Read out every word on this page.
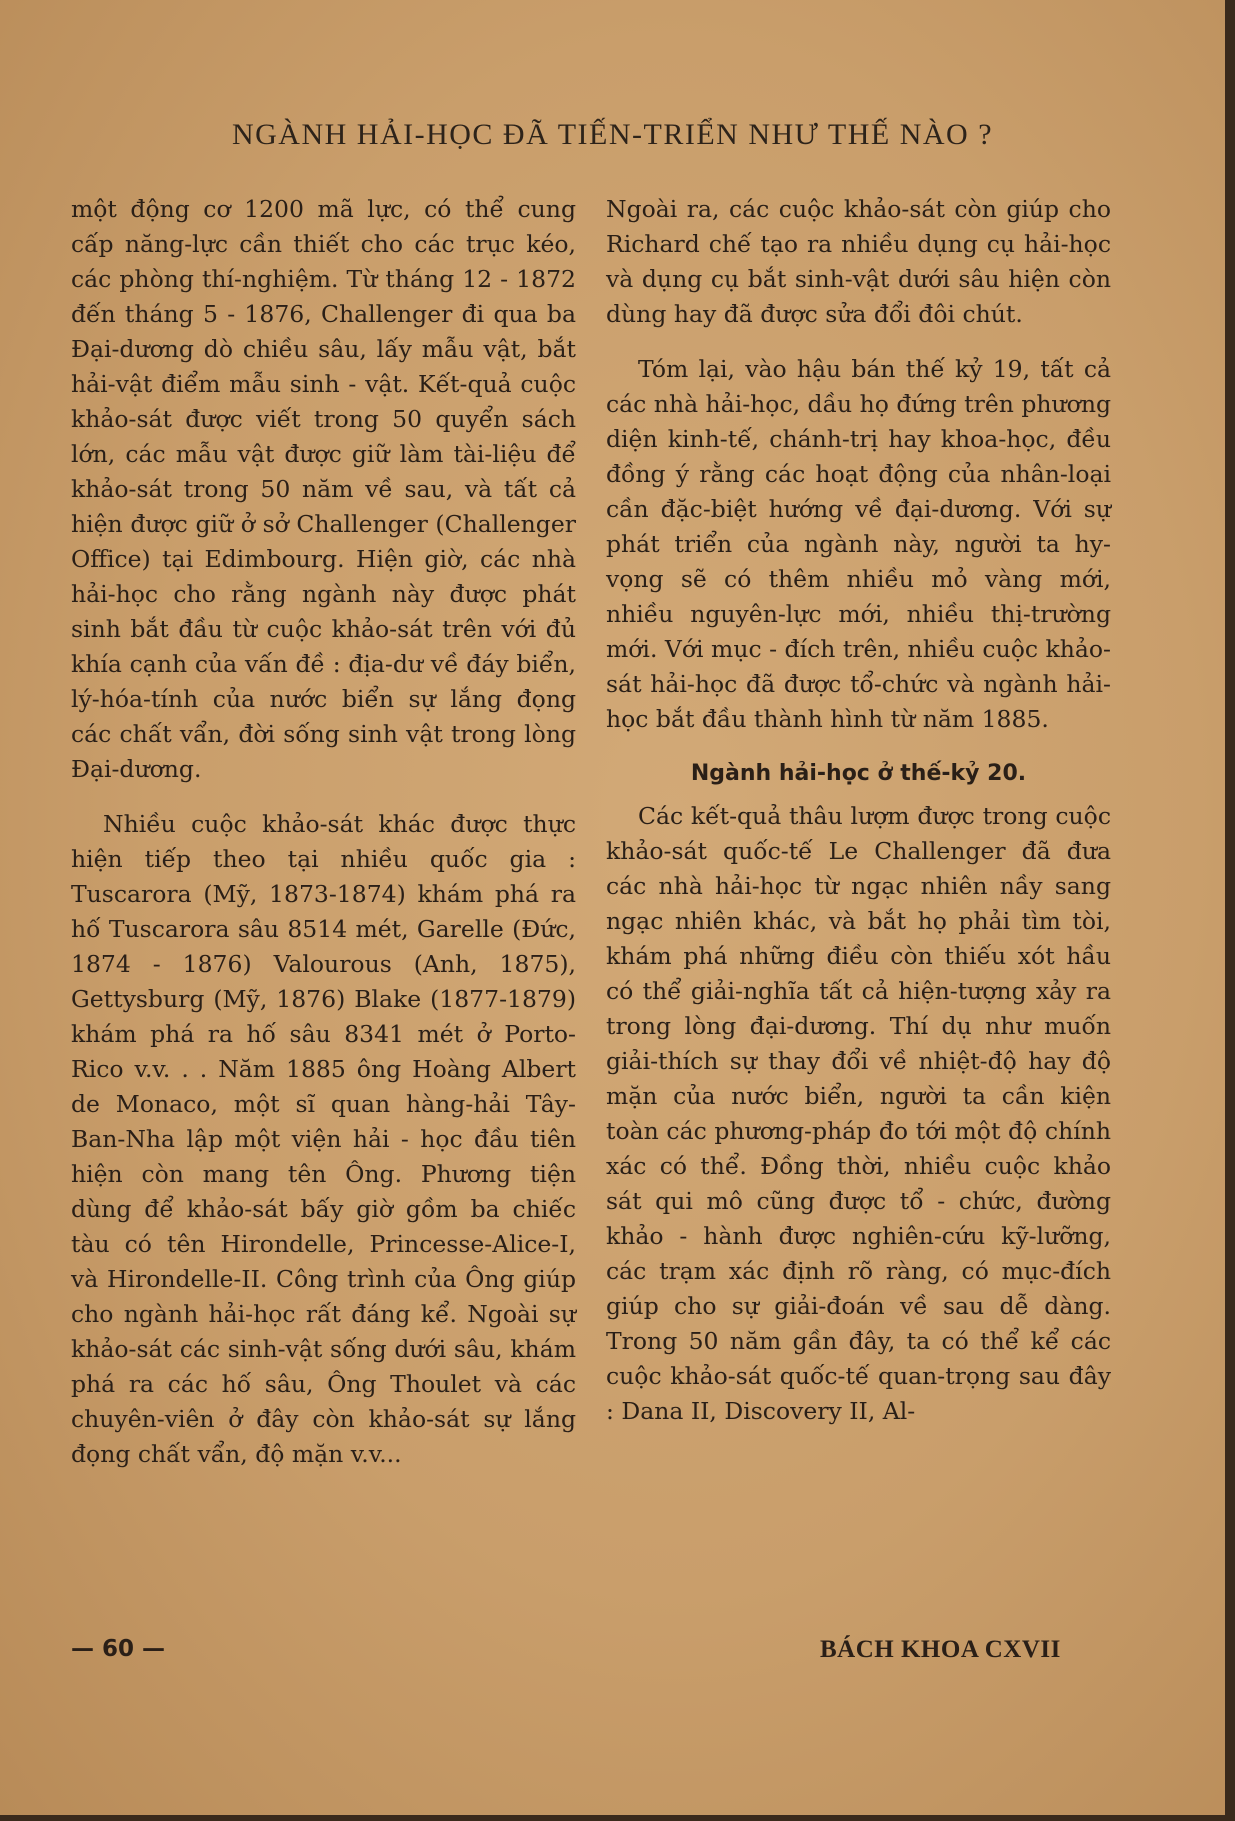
NGÀNH HẢI-HỌC ĐÃ TIẾN-TRIỂN NHƯ THẾ NÀO ?

một động cơ 1200 mã lực, có thể cung cấp năng-lực cần thiết cho các trục kéo, các phòng thí-nghiệm. Từ tháng 12 - 1872 đến tháng 5 - 1876, Challenger đi qua ba Đại-dương dò chiều sâu, lấy mẫu vật, bắt hải-vật điểm mẫu sinh - vật. Kết-quả cuộc khảo-sát được viết trong 50 quyển sách lớn, các mẫu vật được giữ làm tài-liệu để khảo-sát trong 50 năm về sau, và tất cả hiện được giữ ở sở Challenger (Challenger Office) tại Edimbourg. Hiện giờ, các nhà hải-học cho rằng ngành này được phát sinh bắt đầu từ cuộc khảo-sát trên với đủ khía cạnh của vấn đề : địa-dư về đáy biển, lý-hóa-tính của nước biển sự lắng đọng các chất vẩn, đời sống sinh vật trong lòng Đại-dương.

Nhiều cuộc khảo-sát khác được thực hiện tiếp theo tại nhiều quốc gia : Tuscarora (Mỹ, 1873-1874) khám phá ra hố Tuscarora sâu 8514 mét, Garelle (Đức, 1874 - 1876) Valourous (Anh, 1875), Gettysburg (Mỹ, 1876) Blake (1877-1879) khám phá ra hố sâu 8341 mét ở Porto-Rico v.v. . . Năm 1885 ông Hoàng Albert de Monaco, một sĩ quan hàng-hải Tây-Ban-Nha lập một viện hải - học đầu tiên hiện còn mang tên Ông. Phương tiện dùng để khảo-sát bấy giờ gồm ba chiếc tàu có tên Hirondelle, Princesse-Alice-I, và Hirondelle-II. Công trình của Ông giúp cho ngành hải-học rất đáng kể. Ngoài sự khảo-sát các sinh-vật sống dưới sâu, khám phá ra các hố sâu, Ông Thoulet và các chuyên-viên ở đây còn khảo-sát sự lắng đọng chất vẩn, độ mặn v.v...

Ngoài ra, các cuộc khảo-sát còn giúp cho Richard chế tạo ra nhiều dụng cụ hải-học và dụng cụ bắt sinh-vật dưới sâu hiện còn dùng hay đã được sửa đổi đôi chút.

Tóm lại, vào hậu bán thế kỷ 19, tất cả các nhà hải-học, dầu họ đứng trên phương diện kinh-tế, chánh-trị hay khoa-học, đều đồng ý rằng các hoạt động của nhân-loại cần đặc-biệt hướng về đại-dương. Với sự phát triển của ngành này, người ta hy-vọng sẽ có thêm nhiều mỏ vàng mới, nhiều nguyên-lực mới, nhiều thị-trường mới. Với mục - đích trên, nhiều cuộc khảo-sát hải-học đã được tổ-chức và ngành hải-học bắt đầu thành hình từ năm 1885.

Ngành hải-học ở thế-kỷ 20.

Các kết-quả thâu lượm được trong cuộc khảo-sát quốc-tế Le Challenger đã đưa các nhà hải-học từ ngạc nhiên nầy sang ngạc nhiên khác, và bắt họ phải tìm tòi, khám phá những điều còn thiếu xót hầu có thể giải-nghĩa tất cả hiện-tượng xảy ra trong lòng đại-dương. Thí dụ như muốn giải-thích sự thay đổi về nhiệt-độ hay độ mặn của nước biển, người ta cần kiện toàn các phương-pháp đo tới một độ chính xác có thể. Đồng thời, nhiều cuộc khảo sát qui mô cũng được tổ - chức, đường khảo - hành được nghiên-cứu kỹ-lưỡng, các trạm xác định rõ ràng, có mục-đích giúp cho sự giải-đoán về sau dễ dàng. Trong 50 năm gần đây, ta có thể kể các cuộc khảo-sát quốc-tế quan-trọng sau đây : Dana II, Discovery II, Al-

— 60 —	BÁCH KHOA CXVII
